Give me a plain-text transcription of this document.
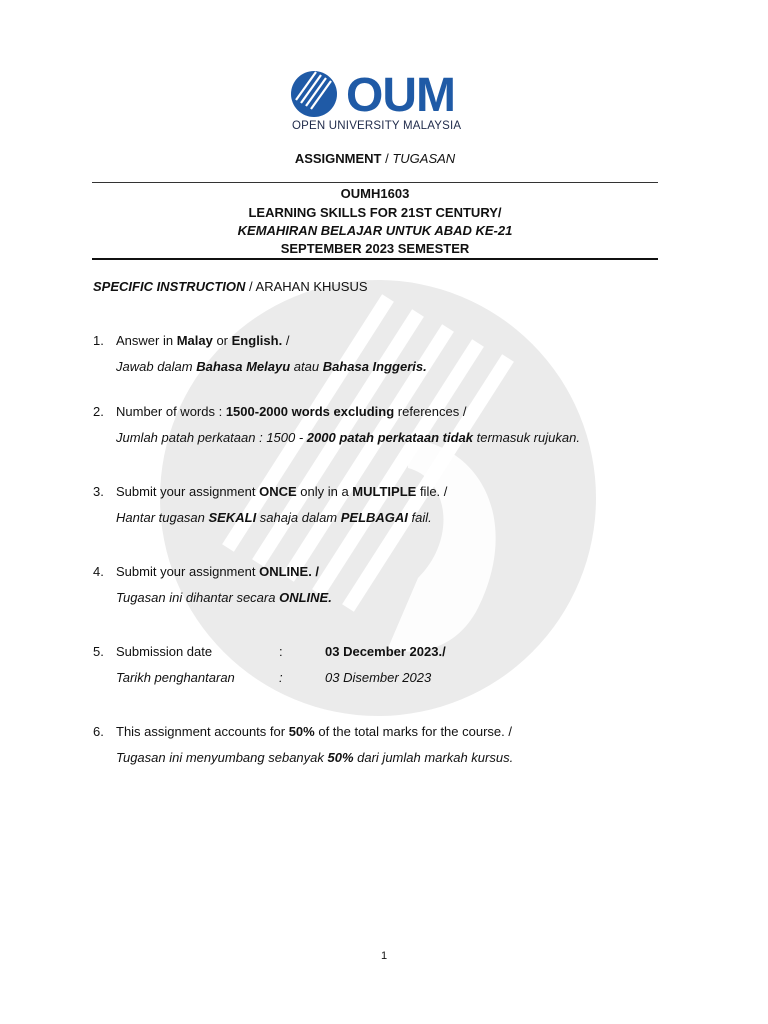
OUM
OPEN UNIVERSITY MALAYSIA
ASSIGNMENT / TUGASAN
OUMH1603
LEARNING SKILLS FOR 21ST CENTURY/
KEMAHIRAN BELAJAR UNTUK ABAD KE-21
SEPTEMBER 2023 SEMESTER
SPECIFIC INSTRUCTION / ARAHAN KHUSUS
1. Answer in Malay or English. /
Jawab dalam Bahasa Melayu atau Bahasa Inggeris.
2. Number of words : 1500-2000 words excluding references /
Jumlah patah perkataan : 1500 - 2000 patah perkataan tidak termasuk rujukan.
3. Submit your assignment ONCE only in a MULTIPLE file. /
Hantar tugasan SEKALI sahaja dalam PELBAGAI fail.
4. Submit your assignment ONLINE. /
Tugasan ini dihantar secara ONLINE.
5. Submission date	:	03 December 2023./
Tarikh penghantaran	:	03 Disember 2023
6. This assignment accounts for 50% of the total marks for the course. /
Tugasan ini menyumbang sebanyak 50% dari jumlah markah kursus.
1
